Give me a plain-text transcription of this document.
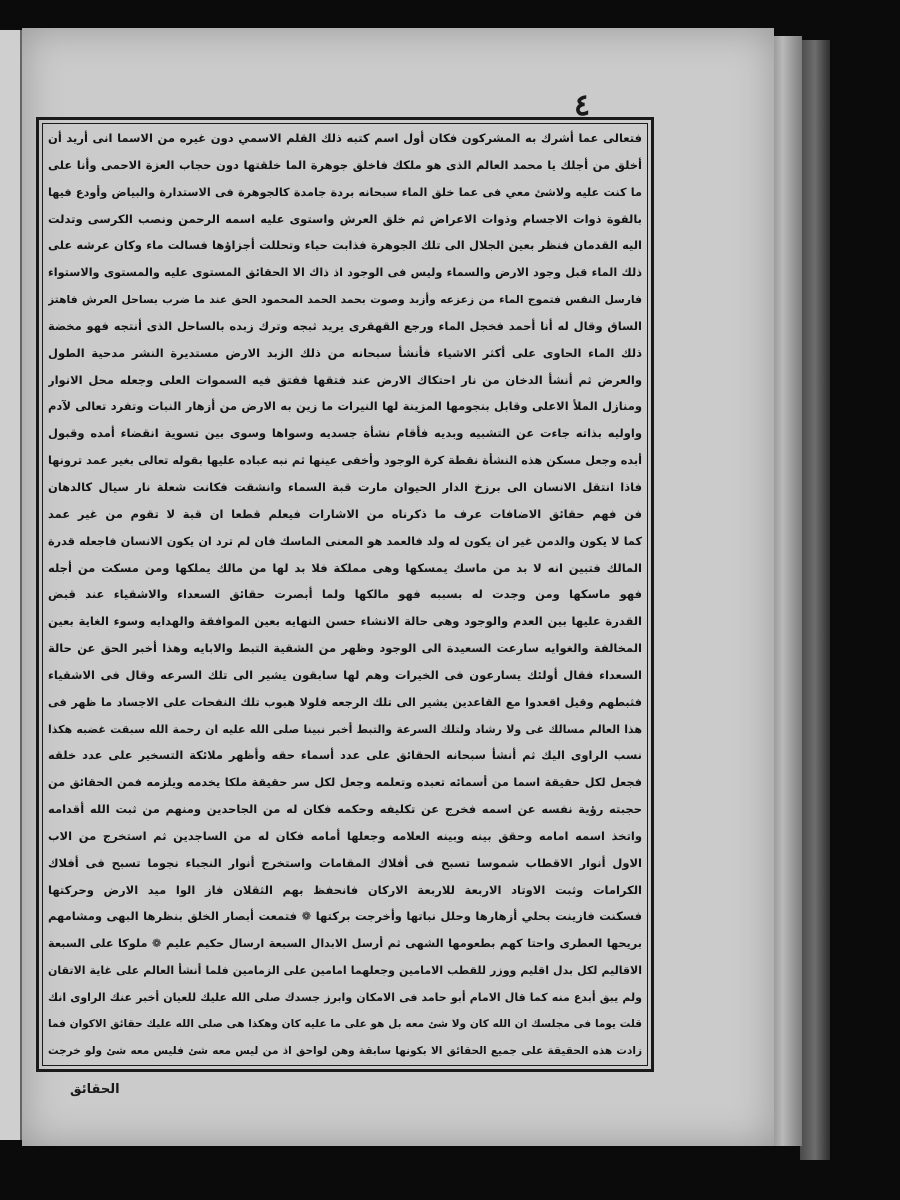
٤
فتعالى عما أشرك به المشركون فكان أول اسم كتبه ذلك القلم الاسمي دون غيره من الاسما انى أريد أن
أخلق من أجلك يا محمد العالم الذى هو ملكك فاخلق جوهرة الما خلقتها دون حجاب العزة الاحمى وأنا على
ما كنت عليه ولاشئ معي فى عما خلق الماء سبحانه بردة جامدة كالجوهرة فى الاستدارة والبياض وأودع فيها
بالقوة ذوات الاجسام وذوات الاعراض ثم خلق العرش واستوى عليه اسمه الرحمن ونصب الكرسى وتدلت
اليه القدمان فنظر بعين الجلال الى تلك الجوهرة فذابت حياء وتحللت أجزاؤها فسالت ماء وكان عرشه على
ذلك الماء قبل وجود الارض والسماء وليس فى الوجود اذ ذاك الا الحقائق المستوى عليه والمستوى والاستواء
فارسل النفس فتموج الماء من زعزعه وأزبد وصوت بحمد الحمد المحمود الحق عند ما ضرب بساحل العرش فاهتز
الساق وقال له أنا أحمد فخجل الماء ورجع القهقرى يريد ثبجه وترك زبده بالساحل الذى أنتجه فهو مخضة
ذلك الماء الحاوى على أكثر الاشياء فأنشأ سبحانه من ذلك الزبد الارض مستديرة النشر مدحية الطول
والعرض ثم أنشأ الدخان من نار احتكاك الارض عند فتقها ففتق فيه السموات العلى وجعله محل الانوار
ومنازل الملأ الاعلى وقابل بنجومها المزينة لها النيرات ما زين به الارض من أزهار النبات وتفرد تعالى لآدم
واوليه بذاته جاءت عن التشبيه وبديه فأقام نشأة جسديه وسواها وسوى بين تسوية انقضاء أمده وقبول
أبده وجعل مسكن هذه النشأة نقطة كرة الوجود وأخفى عينها ثم نبه عباده عليها بقوله تعالى بغير عمد ترونها
فاذا انتقل الانسان الى برزخ الدار الحيوان مارت قبة السماء وانشقت فكانت شعلة نار سيال كالدهان
فن فهم حقائق الاضافات عرف ما ذكرناه من الاشارات فيعلم قطعا ان قبة لا تقوم من غير عمد
كما لا يكون والدمن غير ان يكون له ولد فالعمد هو المعنى الماسك فان لم ترد ان يكون الانسان فاجعله قدرة
المالك فتبين انه لا بد من ماسك يمسكها وهى مملكة فلا بد لها من مالك يملكها ومن مسكت من أجله
فهو ماسكها ومن وجدت له بسببه فهو مالكها ولما أبصرت حقائق السعداء والاشقياء عند قبض
القدرة عليها بين العدم والوجود وهى حالة الانشاء حسن النهايه بعين الموافقة والهدايه وسوء الغاية بعين
المخالفة والغوايه سارعت السعيدة الى الوجود وظهر من الشقية التبط والابايه وهذا أخبر الحق عن حالة
السعداء فقال أولئك يسارعون فى الخيرات وهم لها سابقون يشير الى تلك السرعه وقال فى الاشقياء
فثبطهم وقيل اقعدوا مع القاعدين يشير الى تلك الرجعه فلولا هبوب تلك النفحات على الاجساد ما ظهر فى
هذا العالم مسالك غى ولا رشاد ولتلك السرعة والتبط أخبر نبينا صلى الله عليه ان رحمة الله سبقت غضبه هكذا
نسب الراوى اليك ثم أنشأ سبحانه الحقائق على عدد أسماء حقه وأظهر ملائكة التسخير على عدد خلقه
فجعل لكل حقيقة اسما من أسمائه تعبده وتعلمه وجعل لكل سر حقيقة ملكا يخدمه ويلزمه فمن الحقائق من
حجبته رؤية نفسه عن اسمه فخرج عن تكليفه وحكمه فكان له من الجاحدين ومنهم من ثبت الله أقدامه
واتخذ اسمه امامه وحقق بينه وبينه العلامه وجعلها أمامه فكان له من الساجدين ثم استخرج من الاب
الاول أنوار الاقطاب شموسا تسبح فى أفلاك المقامات واستخرج أنوار النجباء نجوما تسبح فى أفلاك
الكرامات وثبت الاوتاد الاربعة للاربعة الاركان فانحفظ بهم الثقلان فاز الوا ميد الارض وحركتها
فسكنت فازينت بحلي أزهارها وحلل نباتها وأخرجت بركتها ❁ فتمعت أبصار الخلق بنظرها البهى ومشامهم
بريحها العطرى واحتا كهم بطعومها الشهى ثم أرسل الابدال السبعة ارسال حكيم عليم ❁ ملوكا على السبعة
الاقاليم لكل بدل اقليم ووزر للقطب الامامين وجعلهما امامين على الزمامين فلما أنشأ العالم على غاية الاتقان
ولم يبق أبدع منه كما قال الامام أبو حامد فى الامكان وابرز جسدك صلى الله عليك للعيان أخبر عنك الراوى انك
قلت يوما فى مجلسك ان الله كان ولا شئ معه بل هو على ما عليه كان وهكذا هى صلى الله عليك حقائق الاكوان فما
زادت هذه الحقيقة على جميع الحقائق الا بكونها سابقة وهن لواحق اذ من ليس معه شئ فليس معه شئ ولو خرجت
الحقائق
